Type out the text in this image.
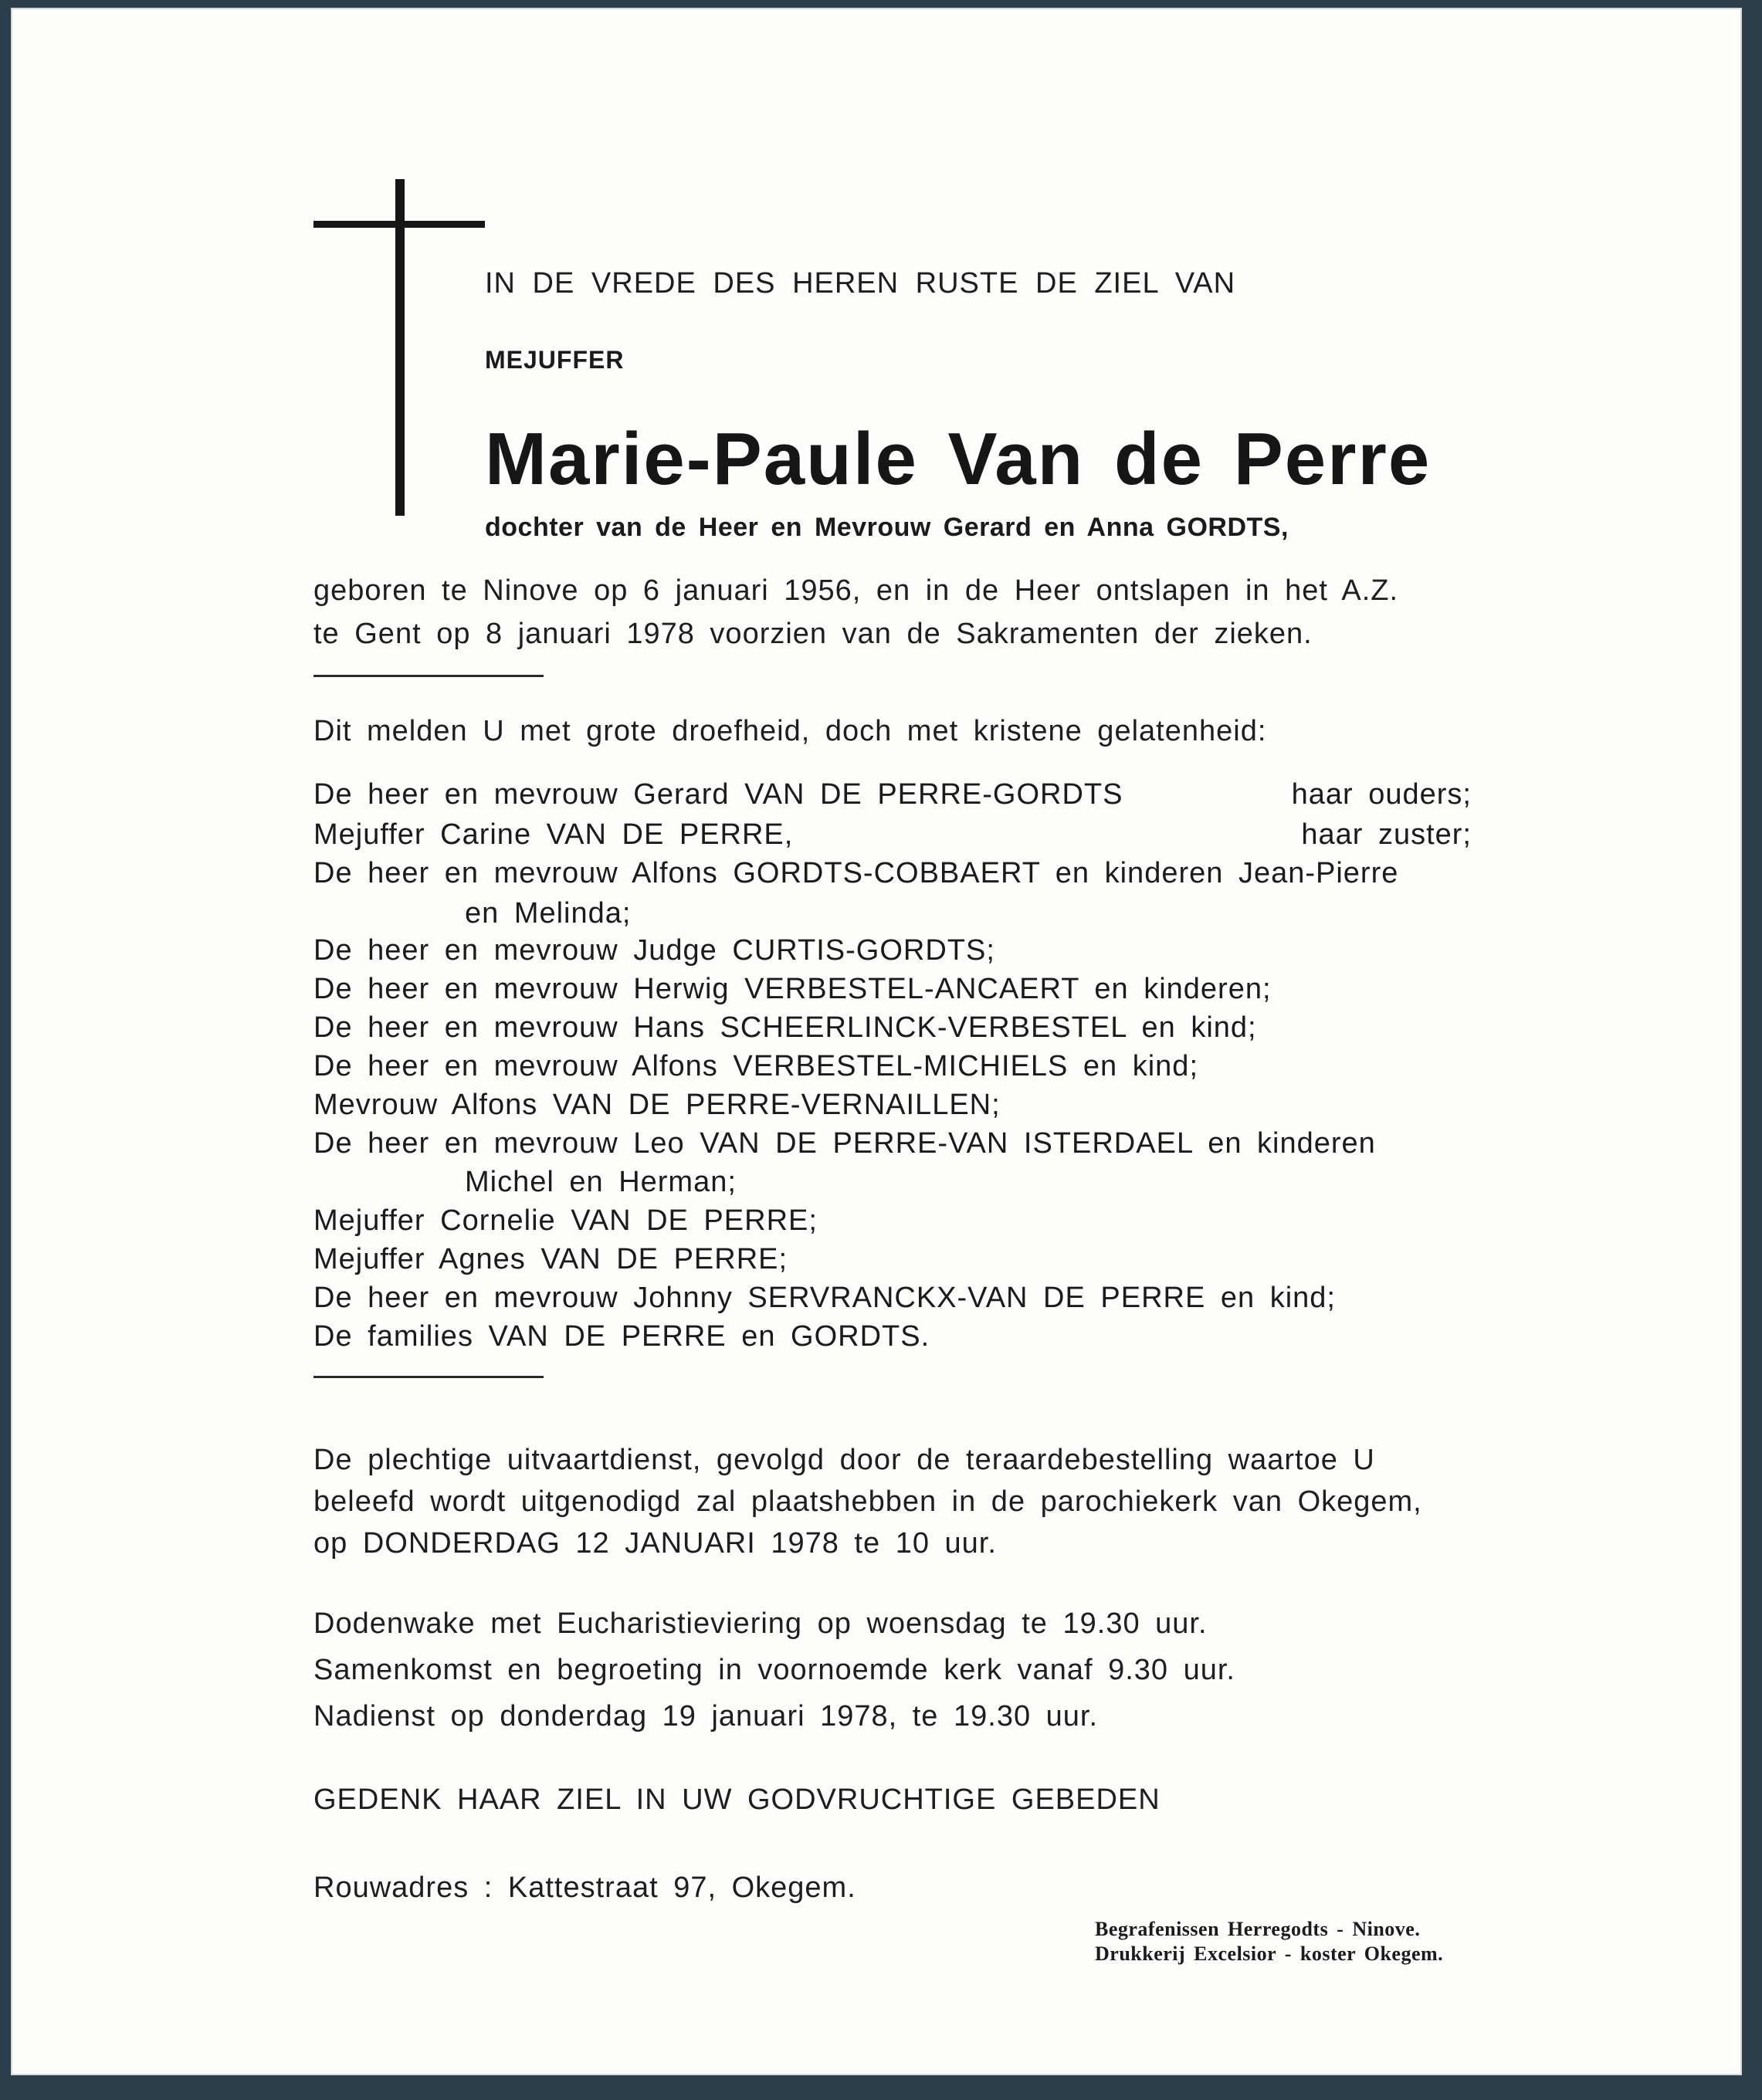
IN DE VREDE DES HEREN RUSTE DE ZIEL VAN
MEJUFFER
Marie-Paule Van de Perre
dochter van de Heer en Mevrouw Gerard en Anna GORDTS,
geboren te Ninove op 6 januari 1956, en in de Heer ontslapen in het A.Z.
te Gent op 8 januari 1978 voorzien van de Sakramenten der zieken.
Dit melden U met grote droefheid, doch met kristene gelatenheid:
De heer en mevrouw Gerard VAN DE PERRE-GORDTS	haar ouders;
Mejuffer Carine VAN DE PERRE,	haar zuster;
De heer en mevrouw Alfons GORDTS-COBBAERT en kinderen Jean-Pierre
en Melinda;
De heer en mevrouw Judge CURTIS-GORDTS;
De heer en mevrouw Herwig VERBESTEL-ANCAERT en kinderen;
De heer en mevrouw Hans SCHEERLINCK-VERBESTEL en kind;
De heer en mevrouw Alfons VERBESTEL-MICHIELS en kind;
Mevrouw Alfons VAN DE PERRE-VERNAILLEN;
De heer en mevrouw Leo VAN DE PERRE-VAN ISTERDAEL en kinderen
Michel en Herman;
Mejuffer Cornelie VAN DE PERRE;
Mejuffer Agnes VAN DE PERRE;
De heer en mevrouw Johnny SERVRANCKX-VAN DE PERRE en kind;
De families VAN DE PERRE en GORDTS.
De plechtige uitvaartdienst, gevolgd door de teraardebestelling waartoe U
beleefd wordt uitgenodigd zal plaatshebben in de parochiekerk van Okegem,
op DONDERDAG 12 JANUARI 1978 te 10 uur.
Dodenwake met Eucharistieviering op woensdag te 19.30 uur.
Samenkomst en begroeting in voornoemde kerk vanaf 9.30 uur.
Nadienst op donderdag 19 januari 1978, te 19.30 uur.
GEDENK HAAR ZIEL IN UW GODVRUCHTIGE GEBEDEN
Rouwadres : Kattestraat 97, Okegem.
Begrafenissen Herregodts - Ninove.
Drukkerij Excelsior - koster Okegem.
